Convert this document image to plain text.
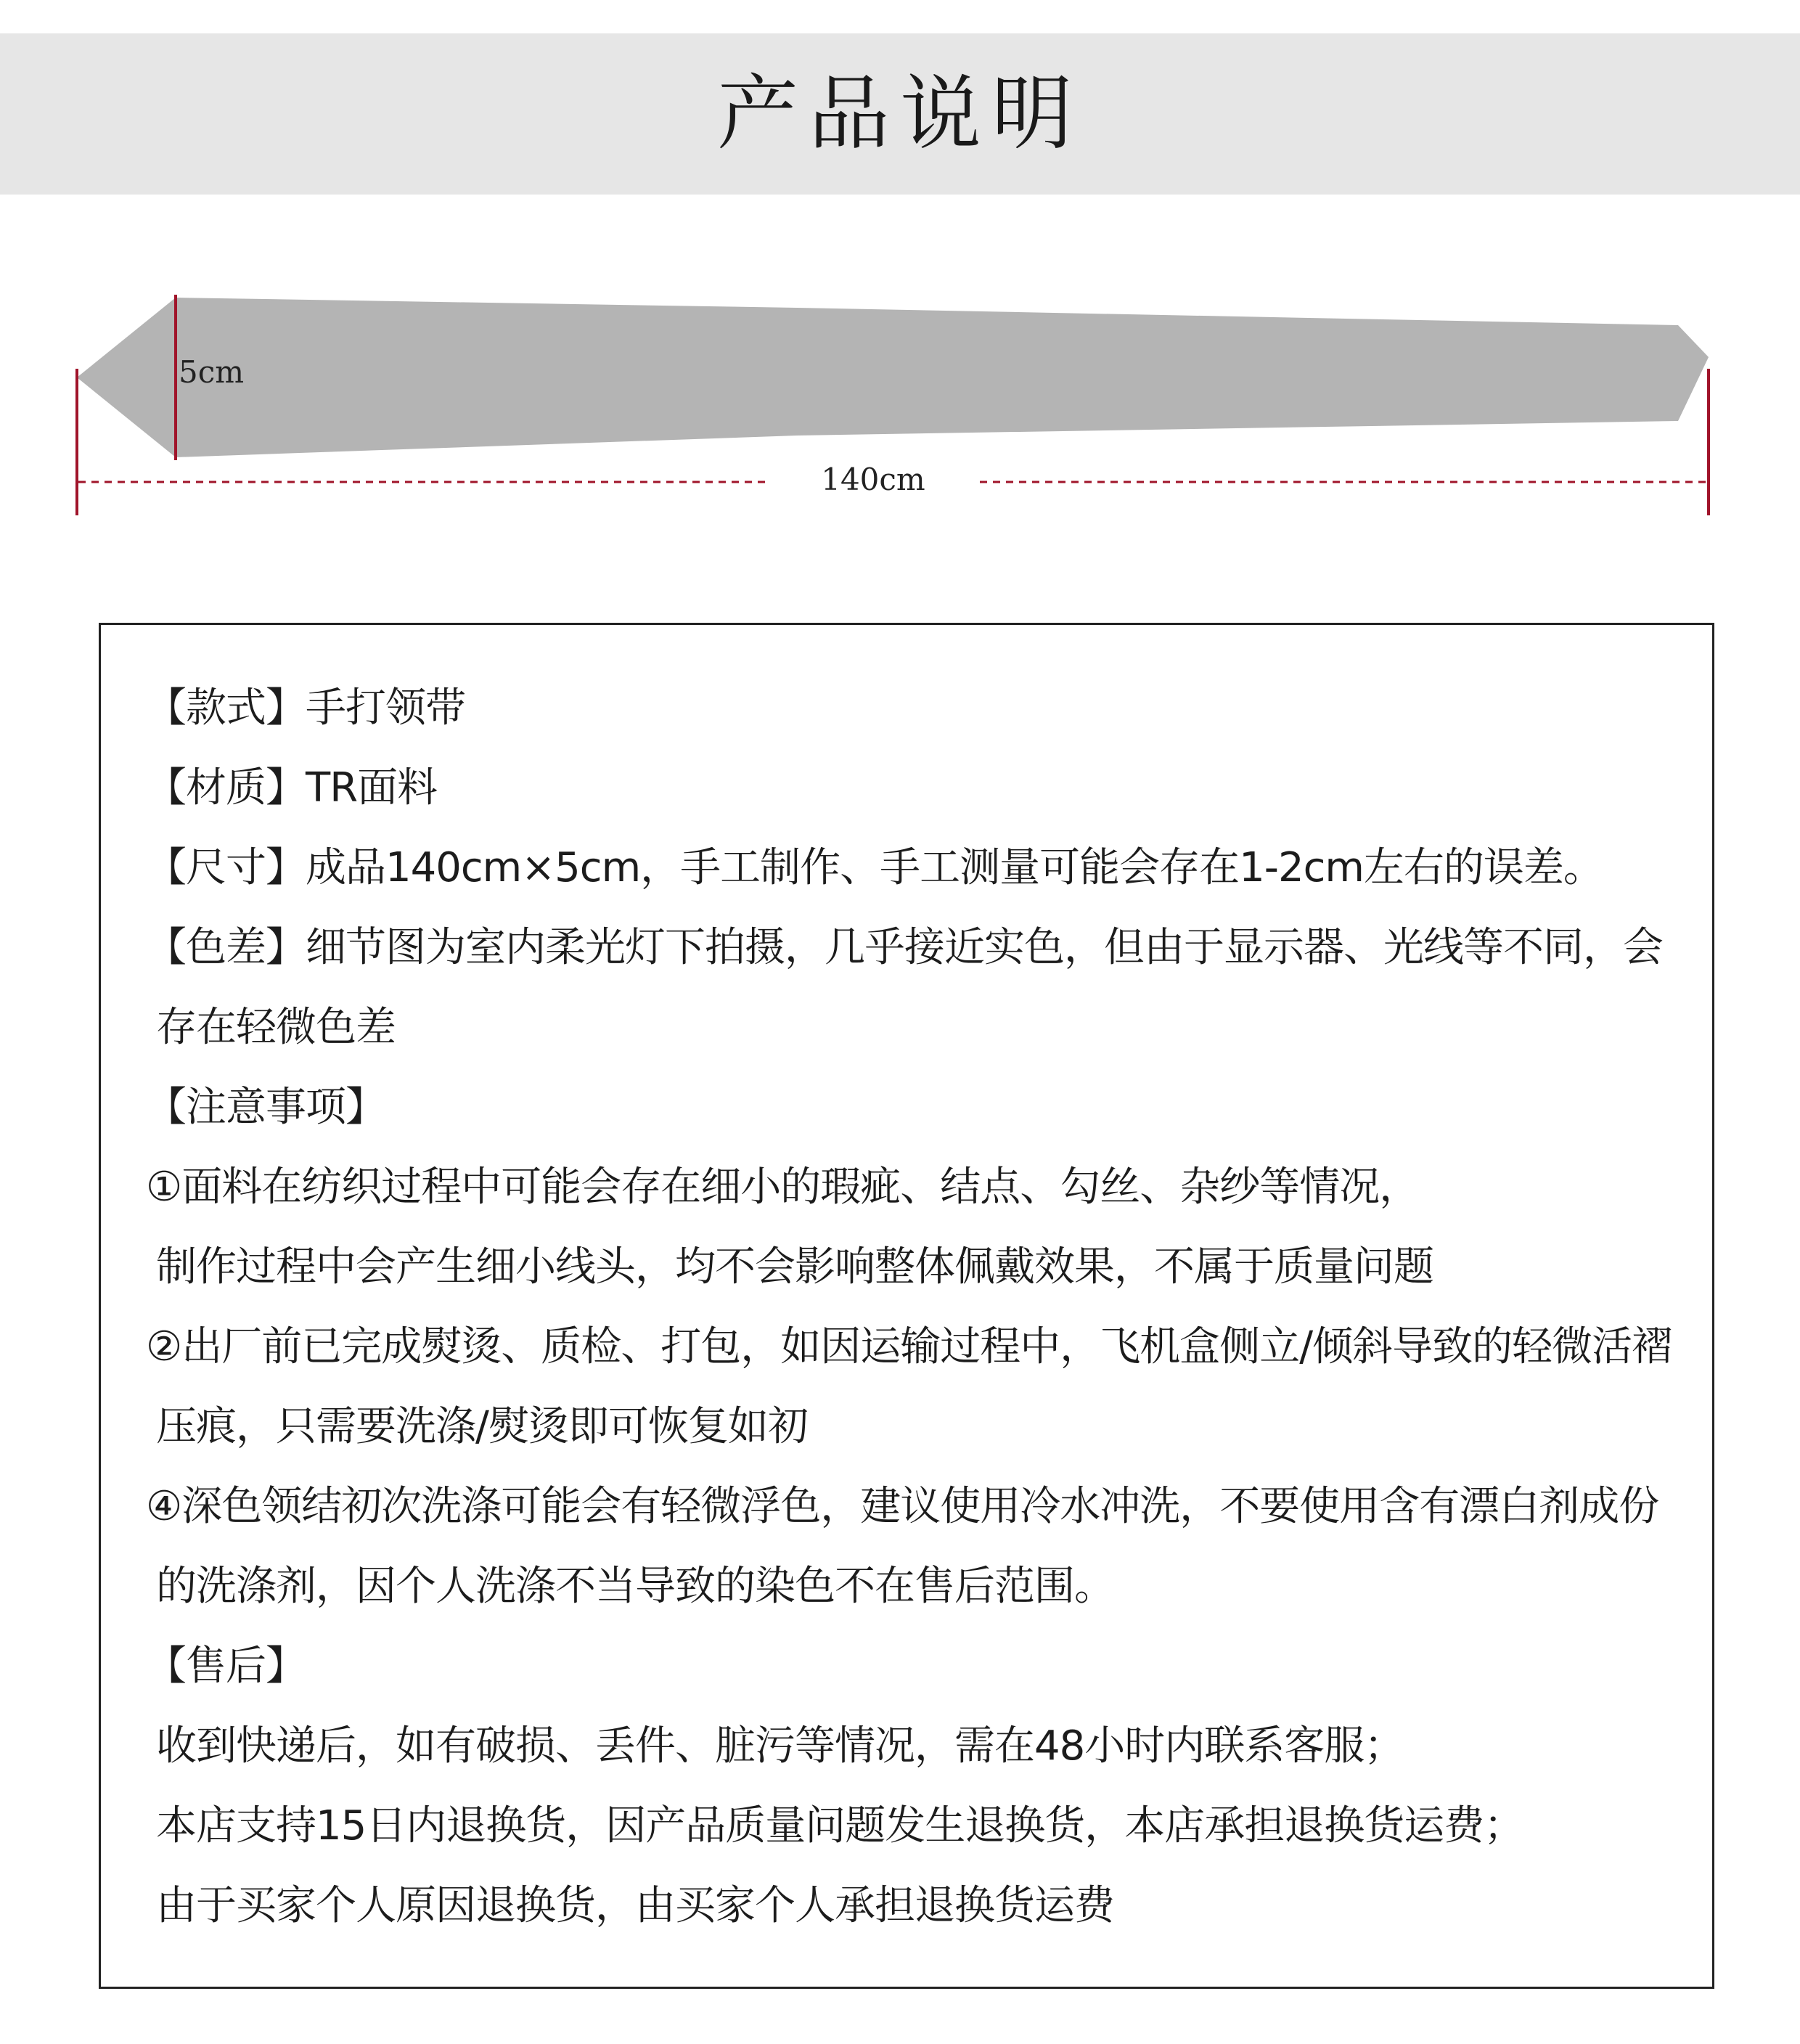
产品说明
5cm
140cm
【款式】手打领带
【材质】TR面料
【尺寸】成品140cm×5cm，手工制作、手工测量可能会存在1-2cm左右的误差。
【色差】细节图为室内柔光灯下拍摄，几乎接近实色，但由于显示器、光线等不同，会
存在轻微色差
【注意事项】
①面料在纺织过程中可能会存在细小的瑕疵、结点、勾丝、杂纱等情况，
制作过程中会产生细小线头，均不会影响整体佩戴效果，不属于质量问题
②出厂前已完成熨烫、质检、打包，如因运输过程中，飞机盒侧立/倾斜导致的轻微活褶
压痕，只需要洗涤/熨烫即可恢复如初
④深色领结初次洗涤可能会有轻微浮色，建议使用冷水冲洗，不要使用含有漂白剂成份
的洗涤剂，因个人洗涤不当导致的染色不在售后范围。
【售后】
收到快递后，如有破损、丢件、脏污等情况，需在48小时内联系客服；
本店支持15日内退换货，因产品质量问题发生退换货，本店承担退换货运费；
由于买家个人原因退换货，由买家个人承担退换货运费
